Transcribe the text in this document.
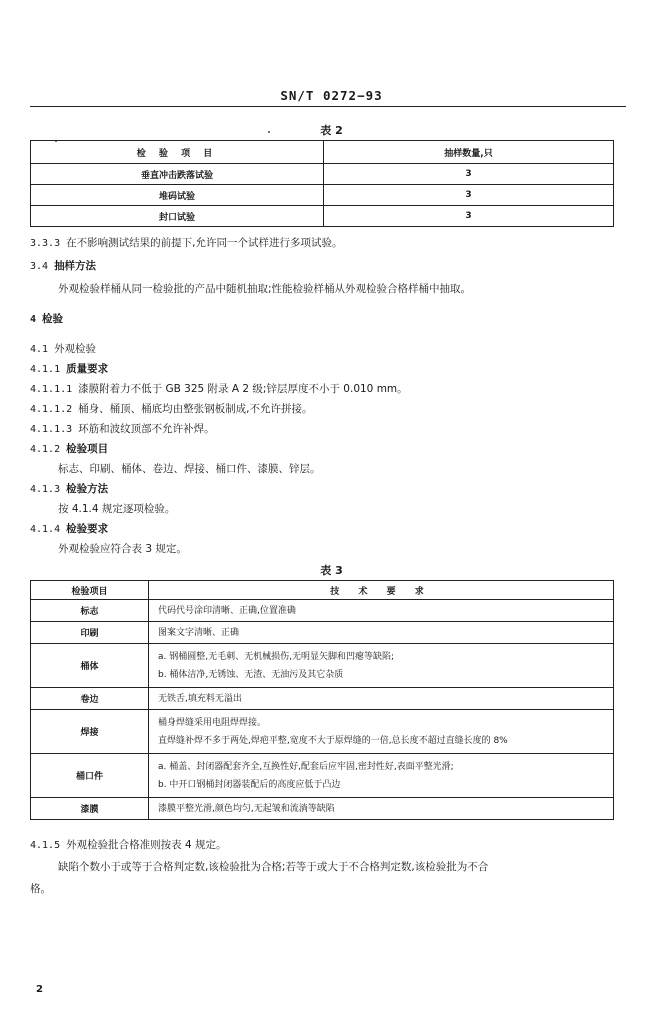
SN/T 0272−93
表 2
检 验 项 目	抽样数量,只
垂直冲击跌落试验	3
堆码试验	3
封口试验	3
3.3.3 在不影响测试结果的前提下,允许同一个试样进行多项试验。
3.4 抽样方法
外观检验样桶从同一检验批的产品中随机抽取;性能检验样桶从外观检验合格样桶中抽取。
4 检验
4.1 外观检验
4.1.1 质量要求
4.1.1.1 漆膜附着力不低于 GB 325 附录 A 2 级;锌层厚度不小于 0.010 mm。
4.1.1.2 桶身、桶顶、桶底均由整张钢板制成,不允许拼接。
4.1.1.3 环筋和波纹顶部不允许补焊。
4.1.2 检验项目
标志、印刷、桶体、卷边、焊接、桶口件、漆膜、锌层。
4.1.3 检验方法
按 4.1.4 规定逐项检验。
4.1.4 检验要求
外观检验应符合表 3 规定。
表 3
检验项目	技 术 要 求
标志	代码代号涂印清晰、正确,位置准确

印刷	图案文字清晰、正确

桶体	a. 钢桶圆整,无毛刺、无机械损伤,无明显矢脚和凹瘪等缺陷;
b. 桶体洁净,无锈蚀、无渣、无油污及其它杂质

卷边	无铁舌,填充料无溢出

焊接	桶身焊缝采用电阻焊焊接。
直焊缝补焊不多于两处,焊疤平整,宽度不大于原焊缝的一倍,总长度不超过直缝长度的 8%

桶口件	a. 桶盖、封闭器配套齐全,互换性好,配套后应牢固,密封性好,表面平整光滑;
b. 中开口钢桶封闭器装配后的高度应低于凸边

漆膜	漆膜平整光滑,颜色均匀,无起皱和流淌等缺陷
4.1.5 外观检验批合格准则按表 4 规定。
缺陷个数小于或等于合格判定数,该检验批为合格;若等于或大于不合格判定数,该检验批为不合
格。
2
